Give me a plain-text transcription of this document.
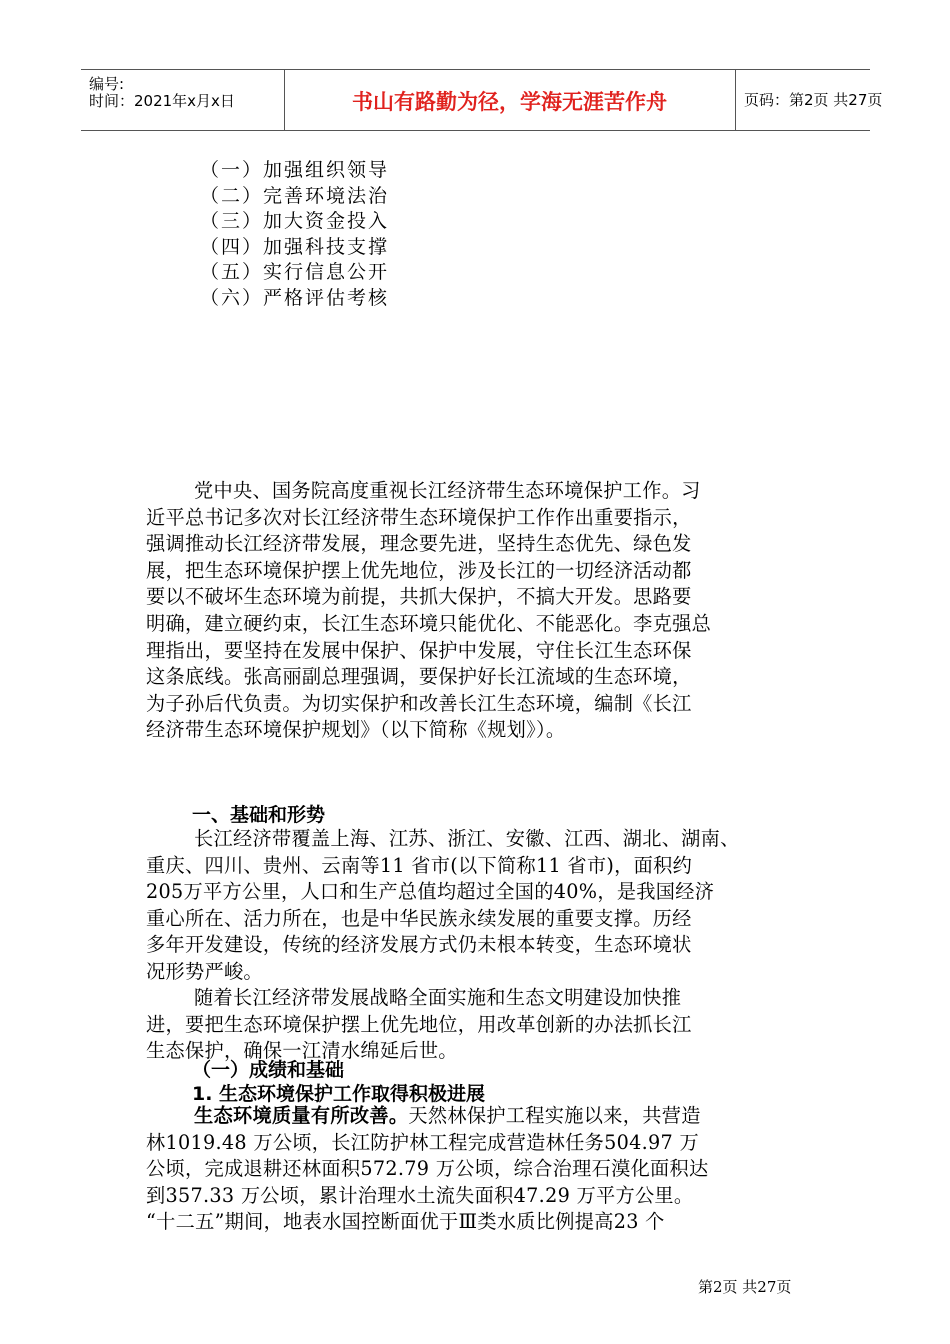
编号:
时间：2021年x月x日	书山有路勤为径，学海无涯苦作舟	页码：第2页 共27页
（一）加强组织领导
（二）完善环境法治
（三）加大资金投入
（四）加强科技支撑
（五）实行信息公开
（六）严格评估考核
党中央、国务院高度重视长江经济带生态环境保护工作。习
近平总书记多次对长江经济带生态环境保护工作作出重要指示，
强调推动长江经济带发展，理念要先进，坚持生态优先、绿色发
展，把生态环境保护摆上优先地位，涉及长江的一切经济活动都
要以不破坏生态环境为前提，共抓大保护，不搞大开发。思路要
明确，建立硬约束，长江生态环境只能优化、不能恶化。李克强总
理指出，要坚持在发展中保护、保护中发展，守住长江生态环保
这条底线。张高丽副总理强调，要保护好长江流域的生态环境，
为子孙后代负责。为切实保护和改善长江生态环境，编制《长江
经济带生态环境保护规划》（以下简称《规划》）。
一、基础和形势
长江经济带覆盖上海、江苏、浙江、安徽、江西、湖北、湖南、
重庆、四川、贵州、云南等11 省市(以下简称11 省市)，面积约
205万平方公里，人口和生产总值均超过全国的40%，是我国经济
重心所在、活力所在，也是中华民族永续发展的重要支撑。历经
多年开发建设，传统的经济发展方式仍未根本转变，生态环境状
况形势严峻。
随着长江经济带发展战略全面实施和生态文明建设加快推
进，要把生态环境保护摆上优先地位，用改革创新的办法抓长江
生态保护，确保一江清水绵延后世。
（一）成绩和基础
1. 生态环境保护工作取得积极进展
生态环境质量有所改善。天然林保护工程实施以来，共营造
林1019.48 万公顷，长江防护林工程完成营造林任务504.97 万
公顷，完成退耕还林面积572.79 万公顷，综合治理石漠化面积达
到357.33 万公顷，累计治理水土流失面积47.29 万平方公里。
“十二五”期间，地表水国控断面优于Ⅲ类水质比例提高23 个
第2页 共27页
